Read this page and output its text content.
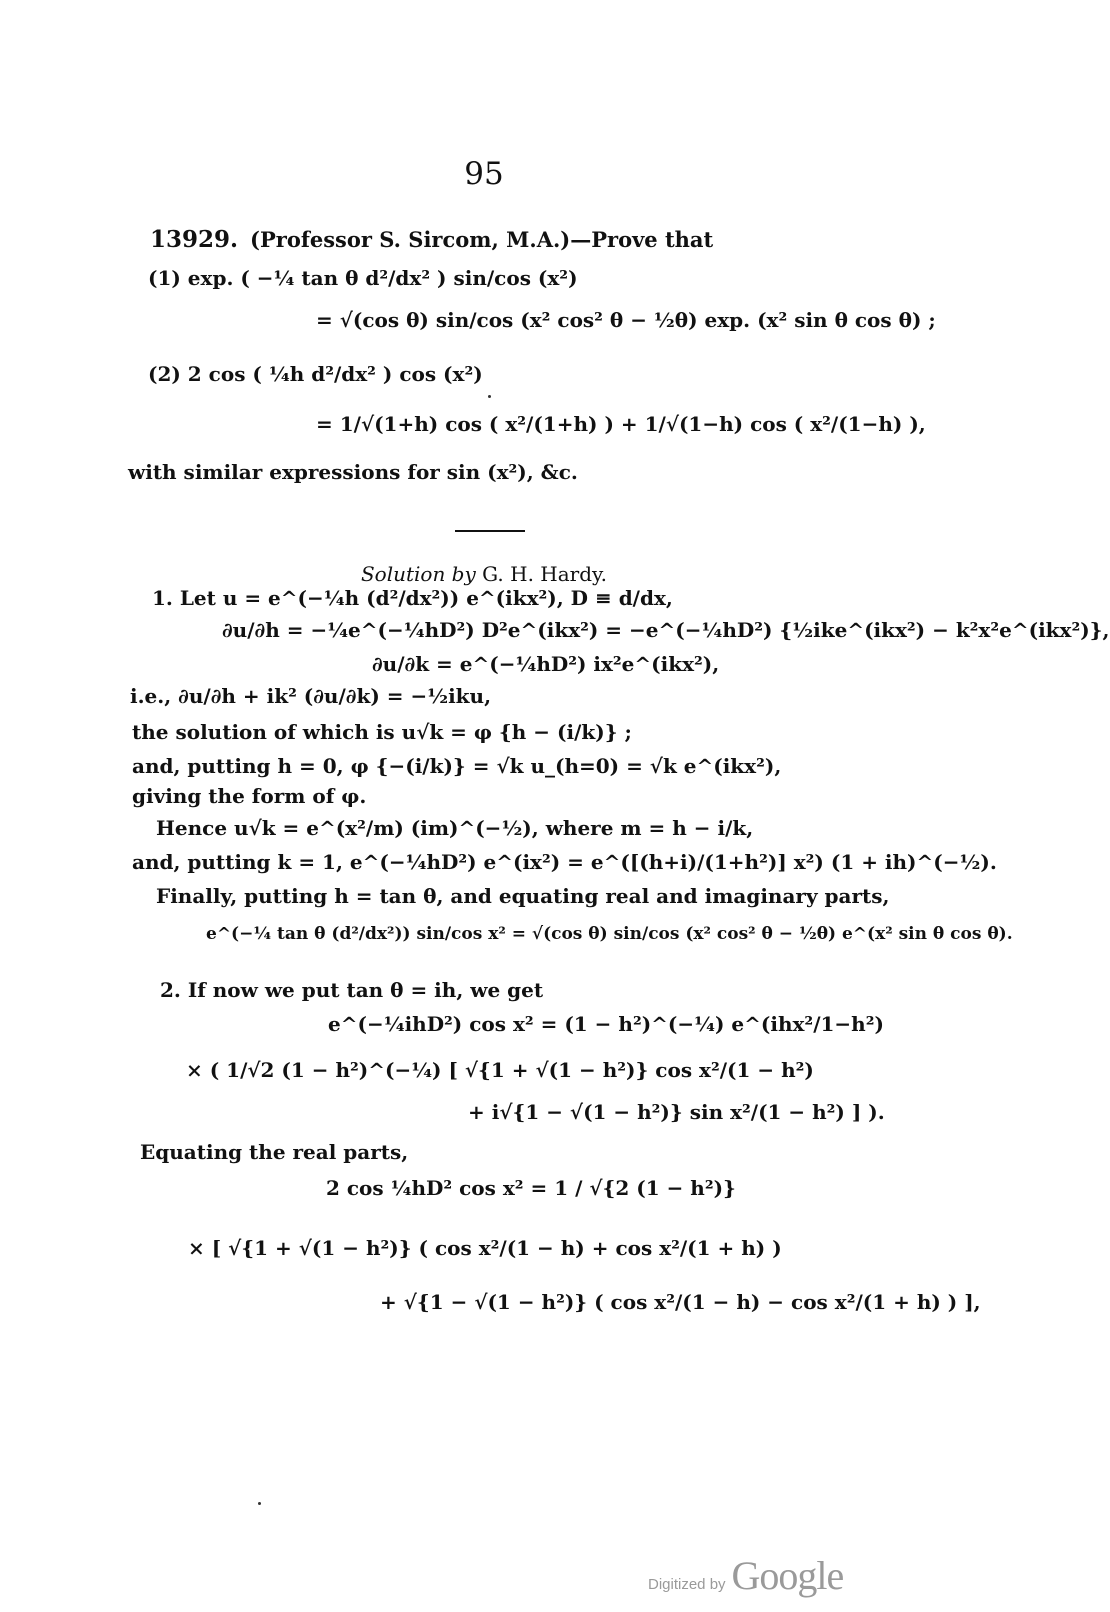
95
13929. (Professor S. Sircom, M.A.)—Prove that
(1) exp. ( −¼ tan θ d²/dx² ) sin/cos (x²)
= √(cos θ) sin/cos (x² cos² θ − ½θ) exp. (x² sin θ cos θ) ;
(2) 2 cos ( ¼h d²/dx² ) cos (x²)
= 1/√(1+h) cos ( x²/(1+h) ) + 1/√(1−h) cos ( x²/(1−h) ),
with similar expressions for sin (x²), &c.
Solution by G. H. Hardy.
1. Let u = e^(−¼h (d²/dx²)) e^(ikx²), D ≡ d/dx,
∂u/∂h = −¼e^(−¼hD²) D²e^(ikx²) = −e^(−¼hD²) {½ike^(ikx²) − k²x²e^(ikx²)},
∂u/∂k = e^(−¼hD²) ix²e^(ikx²),
i.e., ∂u/∂h + ik² (∂u/∂k) = −½iku,
the solution of which is u√k = φ {h − (i/k)} ;
and, putting h = 0, φ {−(i/k)} = √k u_(h=0) = √k e^(ikx²),
giving the form of φ.
Hence u√k = e^(x²/m) (im)^(−½), where m = h − i/k,
and, putting k = 1, e^(−¼hD²) e^(ix²) = e^([(h+i)/(1+h²)] x²) (1 + ih)^(−½).
Finally, putting h = tan θ, and equating real and imaginary parts,
e^(−¼ tan θ (d²/dx²)) sin/cos x² = √(cos θ) sin/cos (x² cos² θ − ½θ) e^(x² sin θ cos θ).
2. If now we put tan θ = ih, we get
e^(−¼ihD²) cos x² = (1 − h²)^(−¼) e^(ihx²/1−h²)
× ( 1/√2 (1 − h²)^(−¼) [ √{1 + √(1 − h²)} cos x²/(1 − h²)
+ i√{1 − √(1 − h²)} sin x²/(1 − h²) ] ).
Equating the real parts,
2 cos ¼hD² cos x² = 1 / √{2 (1 − h²)}
× [ √{1 + √(1 − h²)} ( cos x²/(1 − h) + cos x²/(1 + h) )
+ √{1 − √(1 − h²)} ( cos x²/(1 − h) − cos x²/(1 + h) ) ],
Digitized by Google
